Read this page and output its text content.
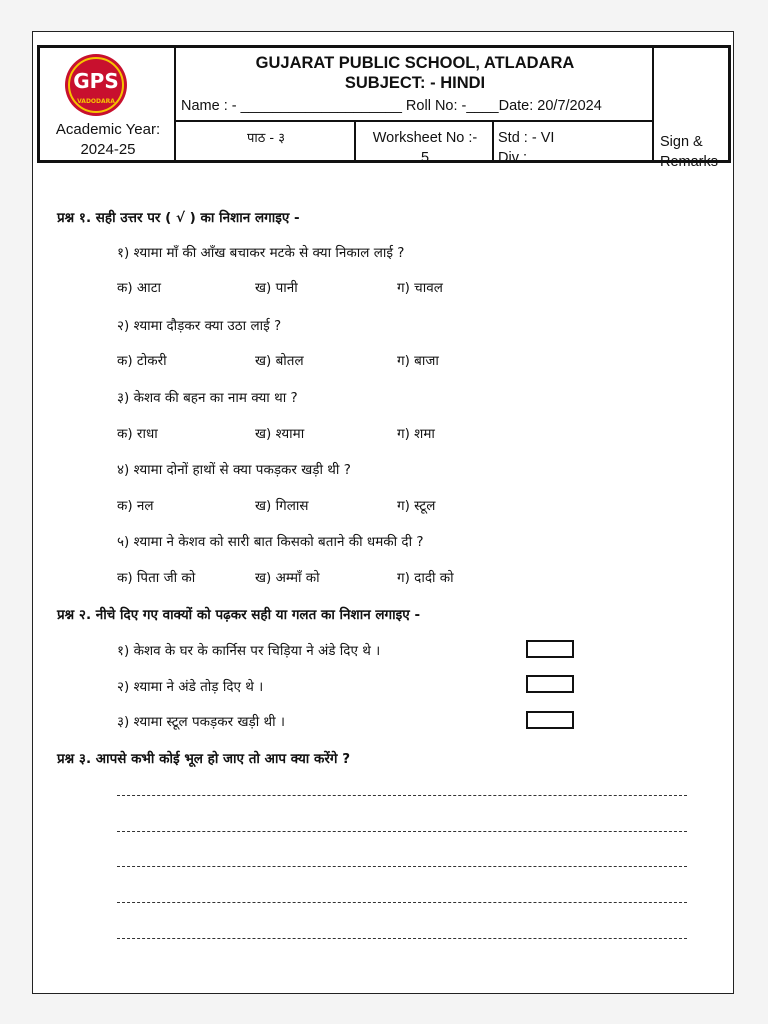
GPS
VADODARA
Academic Year:
2024-25
GUJARAT PUBLIC SCHOOL, ATLADARA
SUBJECT: - HINDI
Name : - ____________________ Roll No: -____Date: 20/7/2024
पाठ - ३	Worksheet No :-
5
Std : - VI
Div :
Sign &
Remarks
प्रश्न १. सही उत्तर पर ( √ ) का निशान लगाइए -
१) श्यामा माँ की आँख बचाकर मटके से क्या निकाल लाई ?
क) आटा	ख) पानी	ग) चावल
२) श्यामा दौड़कर क्या उठा लाई ?
क) टोकरी	ख) बोतल	ग) बाजा
३) केशव की बहन का नाम क्या था ?
क) राधा	ख) श्यामा	ग) शमा
४) श्यामा दोनों हाथों से क्या पकड़कर खड़ी थी ?
क) नल	ख) गिलास	ग) स्टूल
५) श्यामा ने केशव को सारी बात किसको बताने की धमकी दी ?
क) पिता जी को	ख) अम्माँ को	ग) दादी को
प्रश्न २. नीचे दिए गए वाक्यों को पढ़कर सही या गलत का निशान लगाइए -
१) केशव के घर के कार्निस पर चिड़िया ने अंडे दिए थे ।
२) श्यामा ने अंडे तोड़ दिए थे ।
३) श्यामा स्टूल पकड़कर खड़ी थी ।
प्रश्न ३. आपसे कभी कोई भूल हो जाए तो आप क्या करेंगे ?
